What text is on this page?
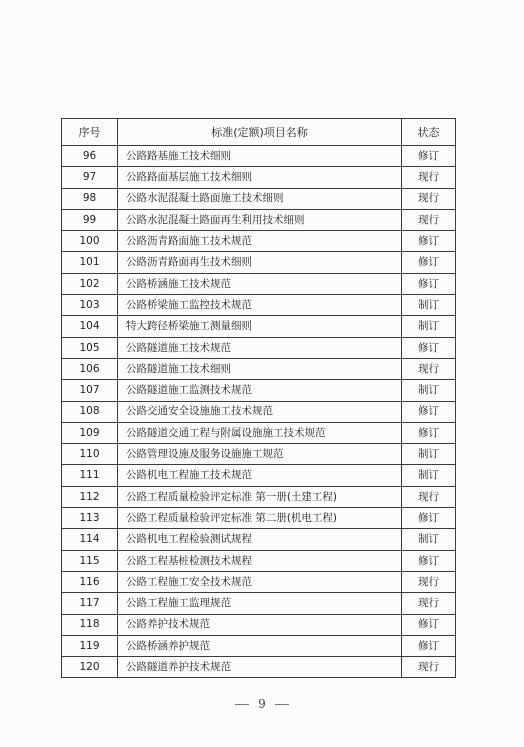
序号	标准(定额)项目名称	状态
96	公路路基施工技术细则	修订
97	公路路面基层施工技术细则	现行
98	公路水泥混凝土路面施工技术细则	现行
99	公路水泥混凝土路面再生利用技术细则	现行
100	公路沥青路面施工技术规范	修订
101	公路沥青路面再生技术细则	修订
102	公路桥涵施工技术规范	修订
103	公路桥梁施工监控技术规范	制订
104	特大跨径桥梁施工测量细则	制订
105	公路隧道施工技术规范	修订
106	公路隧道施工技术细则	现行
107	公路隧道施工监测技术规范	制订
108	公路交通安全设施施工技术规范	修订
109	公路隧道交通工程与附属设施施工技术规范	修订
110	公路管理设施及服务设施施工规范	制订
111	公路机电工程施工技术规范	制订
112	公路工程质量检验评定标准 第一册(土建工程)	现行
113	公路工程质量检验评定标准 第二册(机电工程)	修订
114	公路机电工程检验测试规程	制订
115	公路工程基桩检测技术规程	修订
116	公路工程施工安全技术规范	现行
117	公路工程施工监理规范	现行
118	公路养护技术规范	修订
119	公路桥涵养护规范	修订
120	公路隧道养护技术规范	现行
9
